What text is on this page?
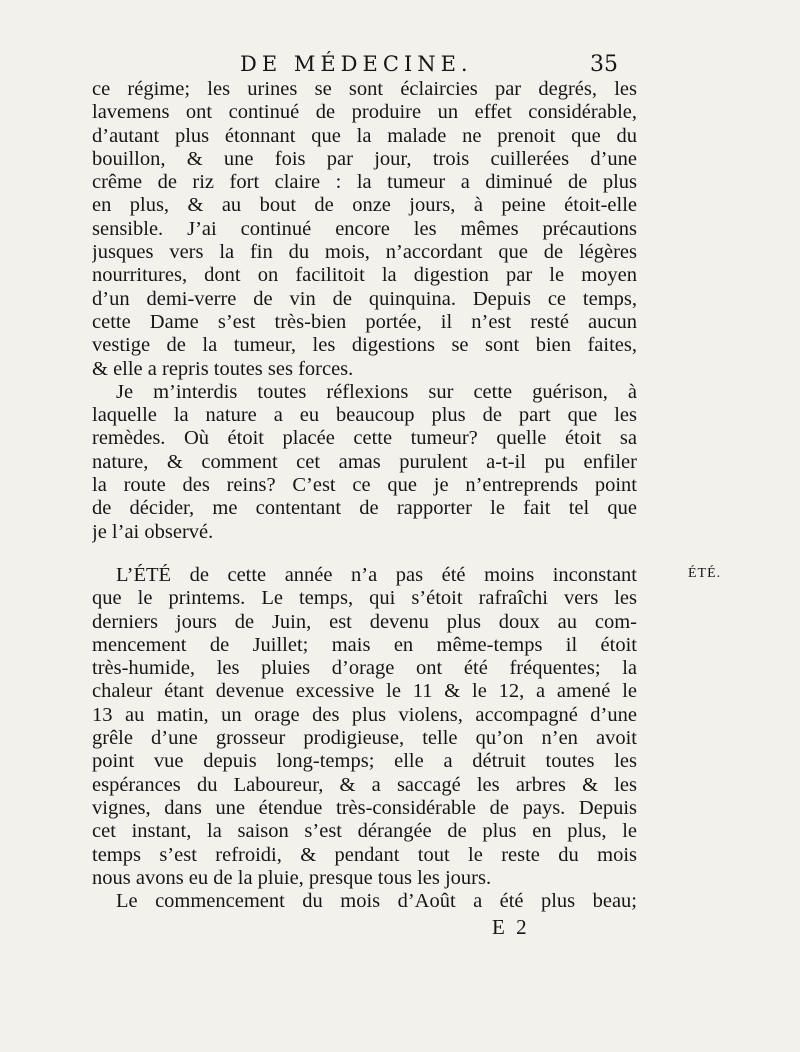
DE MÉDECINE.	35
ce régime; les urines se sont éclaircies par degrés, les
lavemens ont continué de produire un effet considérable,
d’autant plus étonnant que la malade ne prenoit que du
bouillon, & une fois par jour, trois cuillerées d’une
crême de riz fort claire : la tumeur a diminué de plus
en plus, & au bout de onze jours, à peine étoit-elle
sensible. J’ai continué encore les mêmes précautions
jusques vers la fin du mois, n’accordant que de légères
nourritures, dont on facilitoit la digestion par le moyen
d’un demi-verre de vin de quinquina. Depuis ce temps,
cette Dame s’est très-bien portée, il n’est resté aucun
vestige de la tumeur, les digestions se sont bien faites,
& elle a repris toutes ses forces.
Je m’interdis toutes réflexions sur cette guérison, à
laquelle la nature a eu beaucoup plus de part que les
remèdes. Où étoit placée cette tumeur? quelle étoit sa
nature, & comment cet amas purulent a-t-il pu enfiler
la route des reins? C’est ce que je n’entreprends point
de décider, me contentant de rapporter le fait tel que
je l’ai observé.
L’ÉTÉ de cette année n’a pas été moins inconstant
que le printems. Le temps, qui s’étoit rafraîchi vers les
derniers jours de Juin, est devenu plus doux au com-
mencement de Juillet; mais en même-temps il étoit
très-humide, les pluies d’orage ont été fréquentes; la
chaleur étant devenue excessive le 11 & le 12, a amené le
13 au matin, un orage des plus violens, accompagné d’une
grêle d’une grosseur prodigieuse, telle qu’on n’en avoit
point vue depuis long-temps; elle a détruit toutes les
espérances du Laboureur, & a saccagé les arbres & les
vignes, dans une étendue très-considérable de pays. Depuis
cet instant, la saison s’est dérangée de plus en plus, le
temps s’est refroidi, & pendant tout le reste du mois
nous avons eu de la pluie, presque tous les jours.
Le commencement du mois d’Août a été plus beau;
ÉTÉ.
E 2
